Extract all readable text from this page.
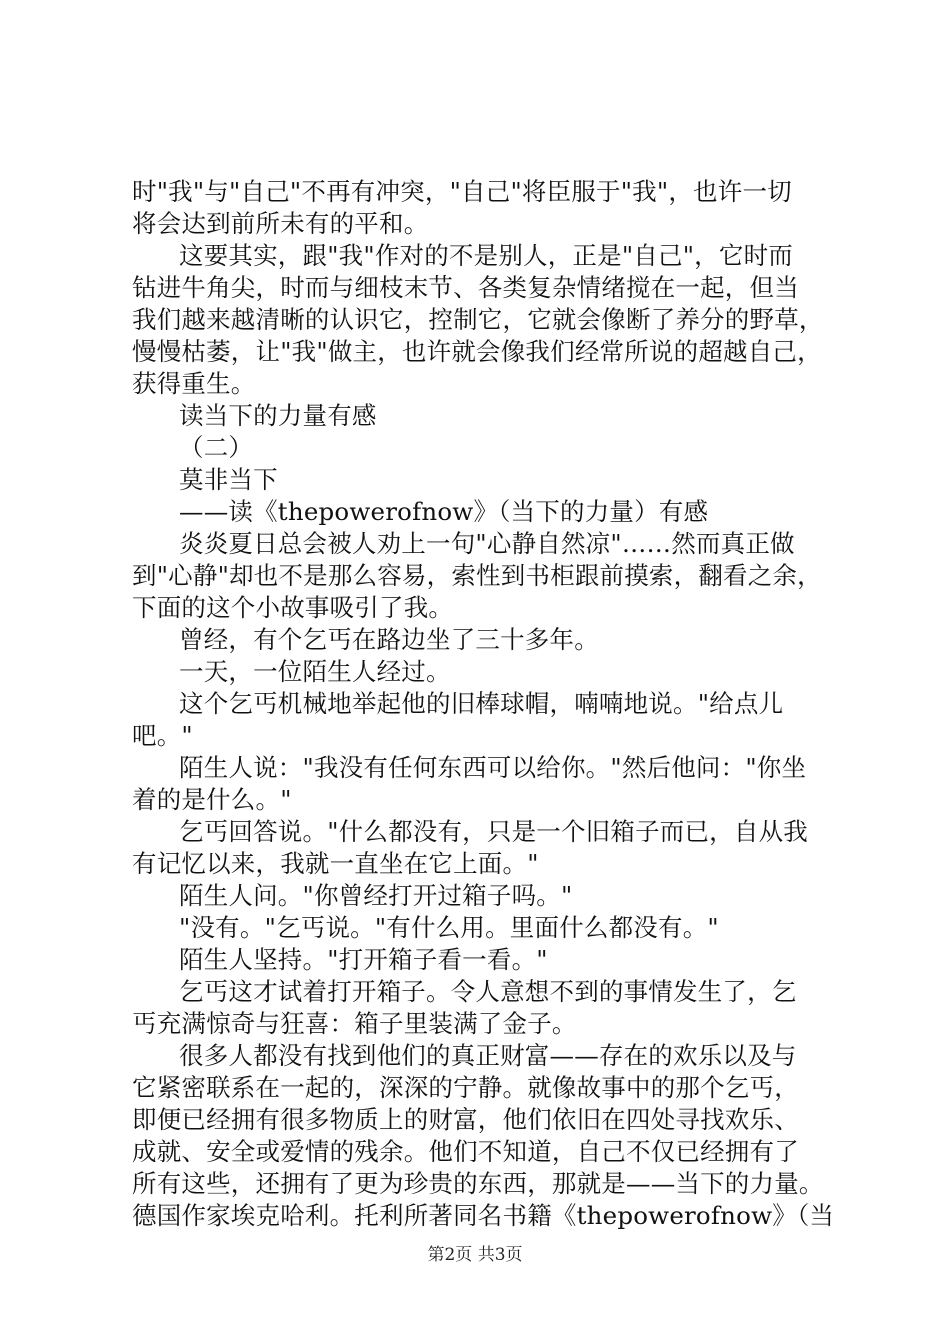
时"我"与"自己"不再有冲突，"自己"将臣服于"我"，也许一切
将会达到前所未有的平和。
这要其实，跟"我"作对的不是别人，正是"自己"，它时而
钻进牛角尖，时而与细枝末节、各类复杂情绪搅在一起，但当
我们越来越清晰的认识它，控制它，它就会像断了养分的野草，
慢慢枯萎，让"我"做主，也许就会像我们经常所说的超越自己，
获得重生。
读当下的力量有感
（二）
莫非当下
——读《thepowerofnow》（当下的力量）有感
炎炎夏日总会被人劝上一句"心静自然凉"……然而真正做
到"心静"却也不是那么容易，索性到书柜跟前摸索，翻看之余，
下面的这个小故事吸引了我。
曾经，有个乞丐在路边坐了三十多年。
一天，一位陌生人经过。
这个乞丐机械地举起他的旧棒球帽，喃喃地说。"给点儿
吧。"
陌生人说："我没有任何东西可以给你。"然后他问："你坐
着的是什么。"
乞丐回答说。"什么都没有，只是一个旧箱子而已，自从我
有记忆以来，我就一直坐在它上面。"
陌生人问。"你曾经打开过箱子吗。"
"没有。"乞丐说。"有什么用。里面什么都没有。"
陌生人坚持。"打开箱子看一看。"
乞丐这才试着打开箱子。令人意想不到的事情发生了，乞
丐充满惊奇与狂喜：箱子里装满了金子。
很多人都没有找到他们的真正财富——存在的欢乐以及与
它紧密联系在一起的，深深的宁静。就像故事中的那个乞丐，
即便已经拥有很多物质上的财富，他们依旧在四处寻找欢乐、
成就、安全或爱情的残余。他们不知道，自己不仅已经拥有了
所有这些，还拥有了更为珍贵的东西，那就是——当下的力量。
德国作家埃克哈利。托利所著同名书籍《thepowerofnow》（当
第2页 共3页
